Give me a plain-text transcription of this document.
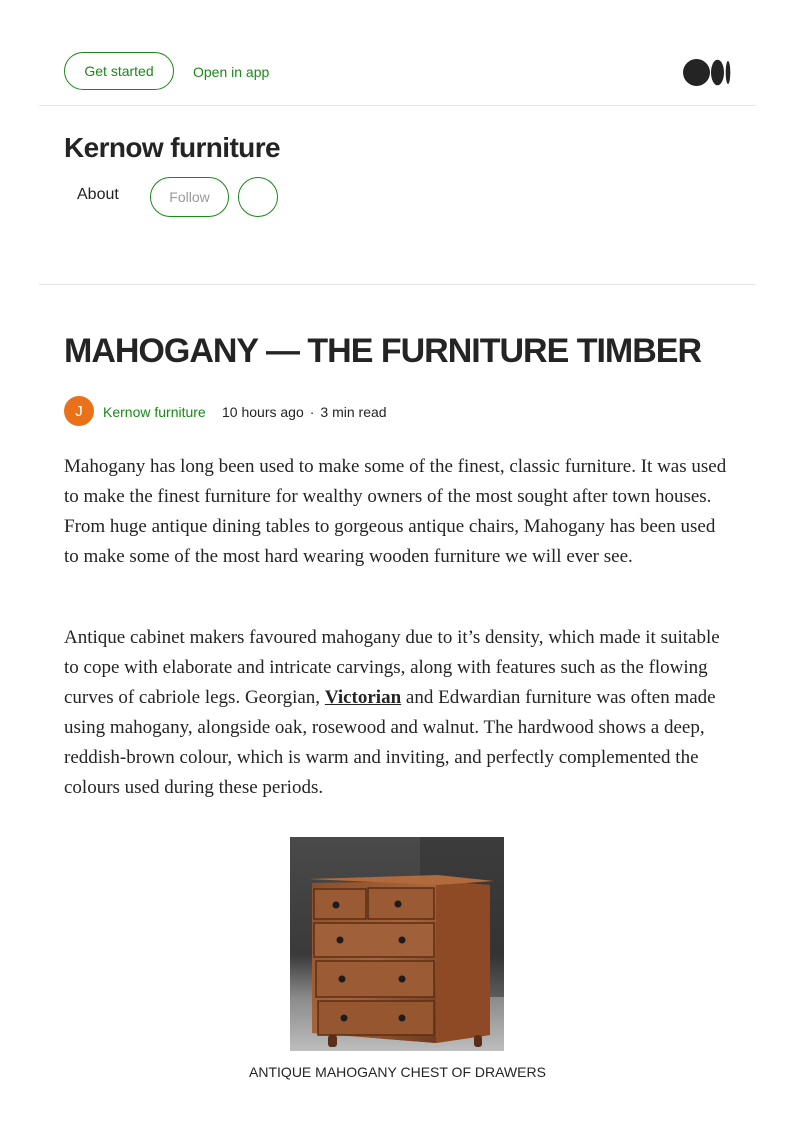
Get started	Open in app
Kernow furniture
About	Follow
MAHOGANY — THE FURNITURE TIMBER
J Kernow furniture 10 hours ago · 3 min read

Mahogany has long been used to make some of the finest, classic furniture. It was used to make the finest furniture for wealthy owners of the most sought after town houses. From huge antique dining tables to gorgeous antique chairs, Mahogany has been used to make some of the most hard wearing wooden furniture we will ever see.

Antique cabinet makers favoured mahogany due to it’s density, which made it suitable to cope with elaborate and intricate carvings, along with features such as the flowing curves of cabriole legs. Georgian, Victorian and Edwardian furniture was often made using mahogany, alongside oak, rosewood and walnut. The hardwood shows a deep, reddish-brown colour, which is warm and inviting, and perfectly complemented the colours used during these periods.

ANTIQUE MAHOGANY CHEST OF DRAWERS
